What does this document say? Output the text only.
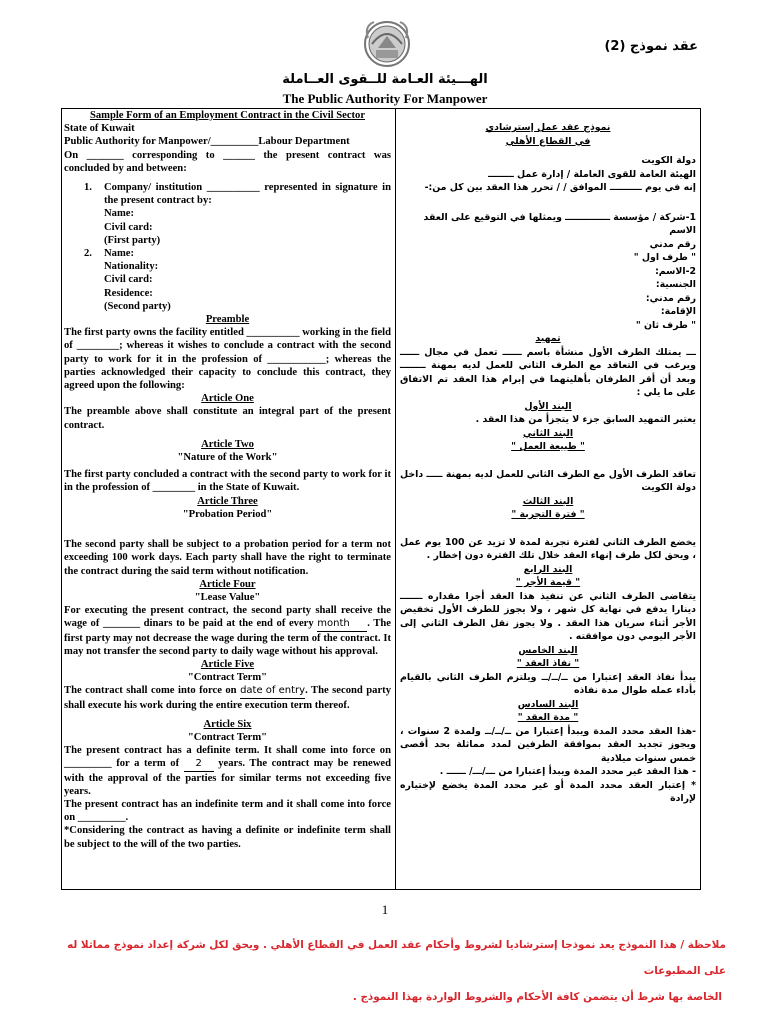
عقد نموذج (2)
الهـــيئة العـامة للــقوى العــاملة
The Public Authority For Manpower
Sample Form of an Employment Contract in the Civil Sector
State of Kuwait
Public Authority for Manpower/_________Labour Department
On _______ corresponding to ______ the present contract was concluded by and between:
1.	Company/ institution __________ represented in signature in the present contract by:
Name:
Civil card:
(First party)
2.	Name:
Nationality:
Civil card:
Residence:
(Second party)
Preamble
The first party owns the facility entitled __________ working in the field of ________; whereas it wishes to conclude a contract with the second party to work for it in the profession of ___________; whereas the parties acknowledged their capacity to conclude this contract, they agreed upon the following:
Article One
The preamble above shall constitute an integral part of the present contract.
Article Two
"Nature of the Work"
The first party concluded a contract with the second party to work for it in the profession of ________ in the State of Kuwait.
Article Three
"Probation Period"
The second party shall be subject to a probation period for a term not exceeding 100 work days. Each party shall have the right to terminate the contract during the said term without notification.
Article Four
"Lease Value"
For executing the present contract, the second party shall receive the wage of _______ dinars to be paid at the end of every month . The first party may not decrease the wage during the term of the contract. It may not transfer the second party to daily wage without his approval.
Article Five
"Contract Term"
The contract shall come into force on date of entry. The second party shall execute his work during the entire execution term thereof.
Article Six
"Contract Term"
The present contract has a definite term. It shall come into force on _________ for a term of 2 years. The contract may be renewed with the approval of the parties for similar terms not exceeding five years.
The present contract has an indefinite term and it shall come into force on _________.
*Considering the contract as having a definite or indefinite term shall be subject to the will of the two parties.
نموذج عقد عمل إسترشادي
في القطاع الأهلي
دولة الكويت
الهيئة العامة للقوى العاملة / إدارة عمل ــــــــ
إنه في يوم ــــــــــ الموافق / / تحرر هذا العقد بين كل من:-
1-شركة / مؤسسة ــــــــــــــ ويمثلها في التوقيع على العقد
الاسم
رقم مدني
" طرف اول "
2-الاسم:
الجنسية:
رقم مدني:
الإقامة:
" طرف ثان "
تمهيد
ـــ يمتلك الطرف الأول منشأة باسم ــــــ تعمل في مجال ــــــ ويرغب في التعاقد مع الطرف الثاني للعمل لديه بمهنة ــــــــ وبعد أن أقر الطرفان بأهليتهما في إبرام هذا العقد تم الاتفاق على ما يلي :
البند الأول
يعتبر التمهيد السابق جزء لا يتجزأ من هذا العقد .
البند الثاني
" طبيعة العمل "
تعاقد الطرف الأول مع الطرف الثاني للعمل لديه بمهنة ـــــ داخل دولة الكويت
البند الثالث
" فترة التجربة "
يخضع الطرف الثاني لفترة تجربة لمدة لا تزيد عن 100 يوم عمل ، ويحق لكل طرف إنهاء العقد خلال تلك الفترة دون إخطار .
البند الرابع
" قيمة الأجر "
يتقاضى الطرف الثاني عن تنفيذ هذا العقد أجرا مقداره ـــــــ دينارا يدفع في نهاية كل شهر ، ولا يجوز للطرف الأول تخفيض الأجر أثناء سريان هذا العقد . ولا يجوز نقل الطرف الثاني إلى الأجر اليومي دون موافقته .
البند الخامس
" نفاذ العقد "
يبدأ نفاذ العقد إعتبارا من ــ/ــ/ــ ويلتزم الطرف الثاني بالقيام بأداء عمله طوال مدة نفاذه
البند السادس
" مدة العقد "
-هذا العقد محدد المدة ويبدأ إعتبارا من ــ/ــ/ــ ولمدة 2 سنوات ، ويجوز تجديد العقد بموافقة الطرفين لمدد مماثلة بحد أقصى خمس سنوات ميلادية
- هذا العقد غير محدد المدة ويبدأ إعتبارا من ـــ/ـــ/ ــــــ .
* إعتبار العقد محدد المدة أو غير محدد المدة يخضع لإختياره لإرادة
1
ملاحظة / هذا النموذج يعد نموذجا إسترشاديا لشروط وأحكام عقد العمل في القطاع الأهلي . ويحق لكل شركة إعداد نموذج مماثلا له على المطبوعات
الخاصة بها شرط أن يتضمن كافة الأحكام والشروط الواردة بهذا النموذج .
